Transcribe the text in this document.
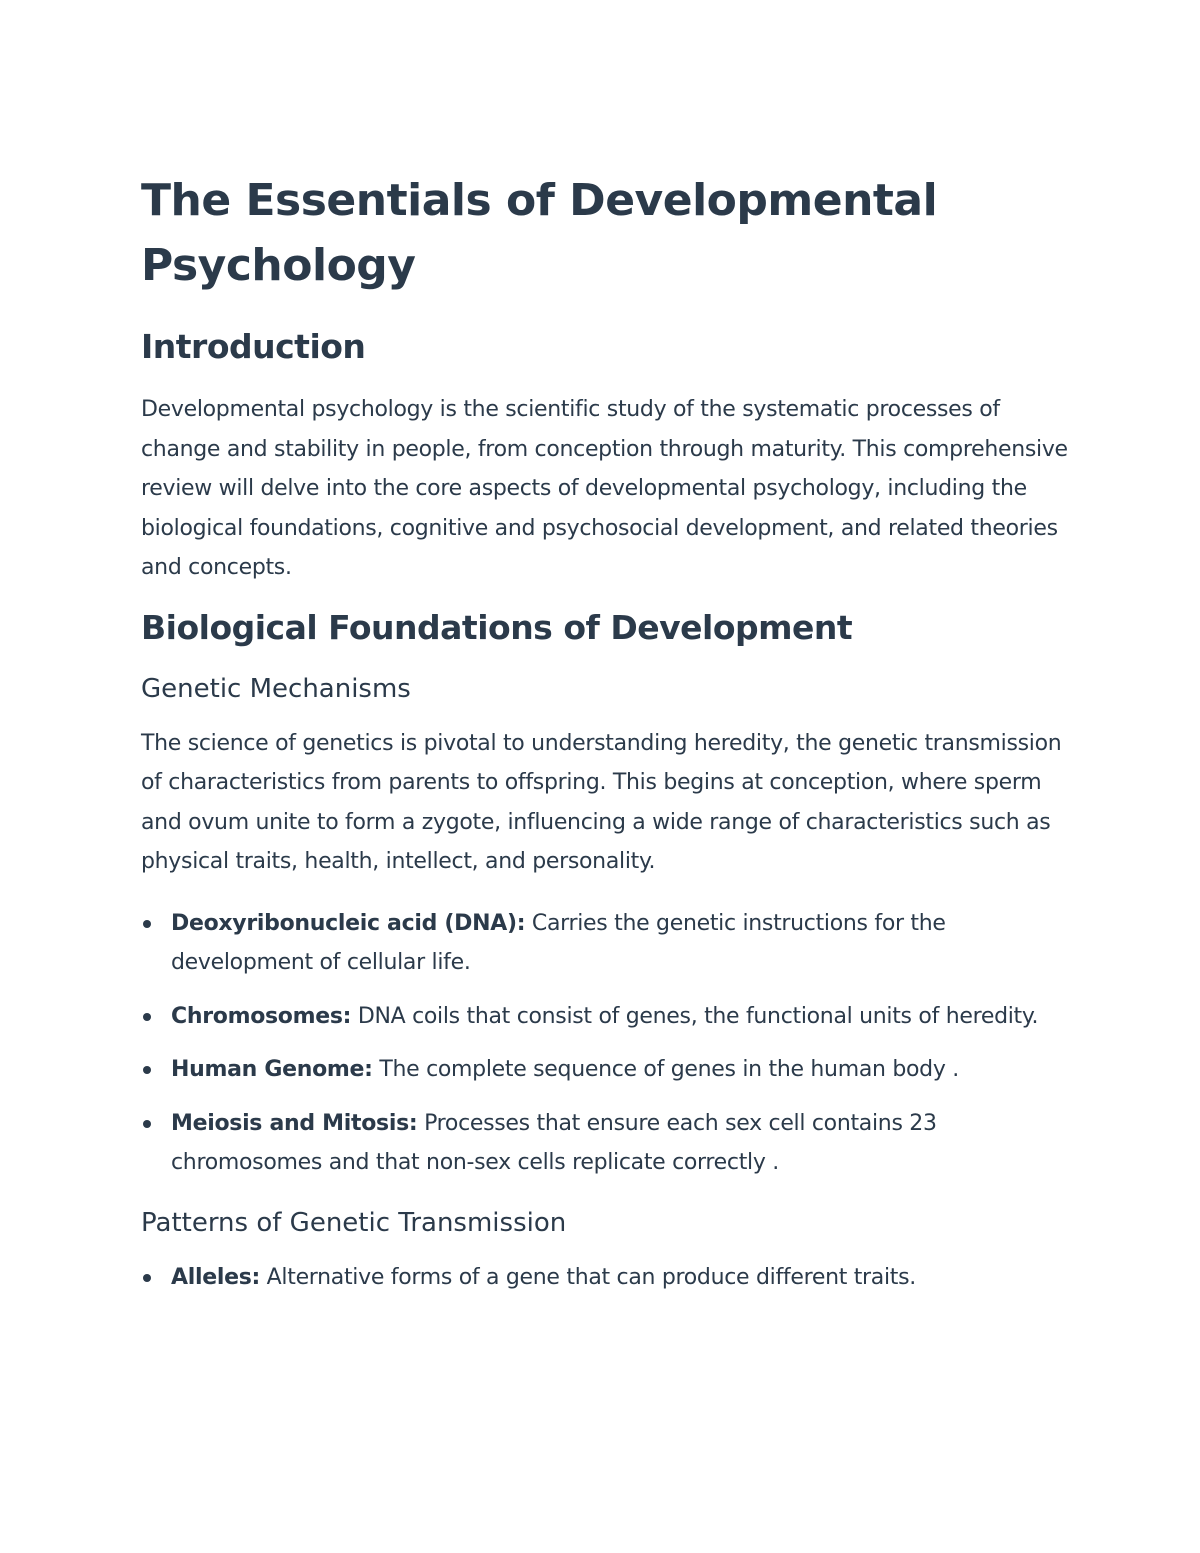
The Essentials of Developmental Psychology
Introduction

Developmental psychology is the scientific study of the systematic processes of change and stability in people, from conception through maturity. This comprehensive review will delve into the core aspects of developmental psychology, including the biological foundations, cognitive and psychosocial development, and related theories and concepts.

Biological Foundations of Development
Genetic Mechanisms

The science of genetics is pivotal to understanding heredity, the genetic transmission of characteristics from parents to offspring. This begins at conception, where sperm and ovum unite to form a zygote, influencing a wide range of characteristics such as physical traits, health, intellect, and personality.

Deoxyribonucleic acid (DNA): Carries the genetic instructions for the development of cellular life.
Chromosomes: DNA coils that consist of genes, the functional units of heredity.
Human Genome: The complete sequence of genes in the human body .
Meiosis and Mitosis: Processes that ensure each sex cell contains 23 chromosomes and that non-sex cells replicate correctly .
Patterns of Genetic Transmission
Alleles: Alternative forms of a gene that can produce different traits.
